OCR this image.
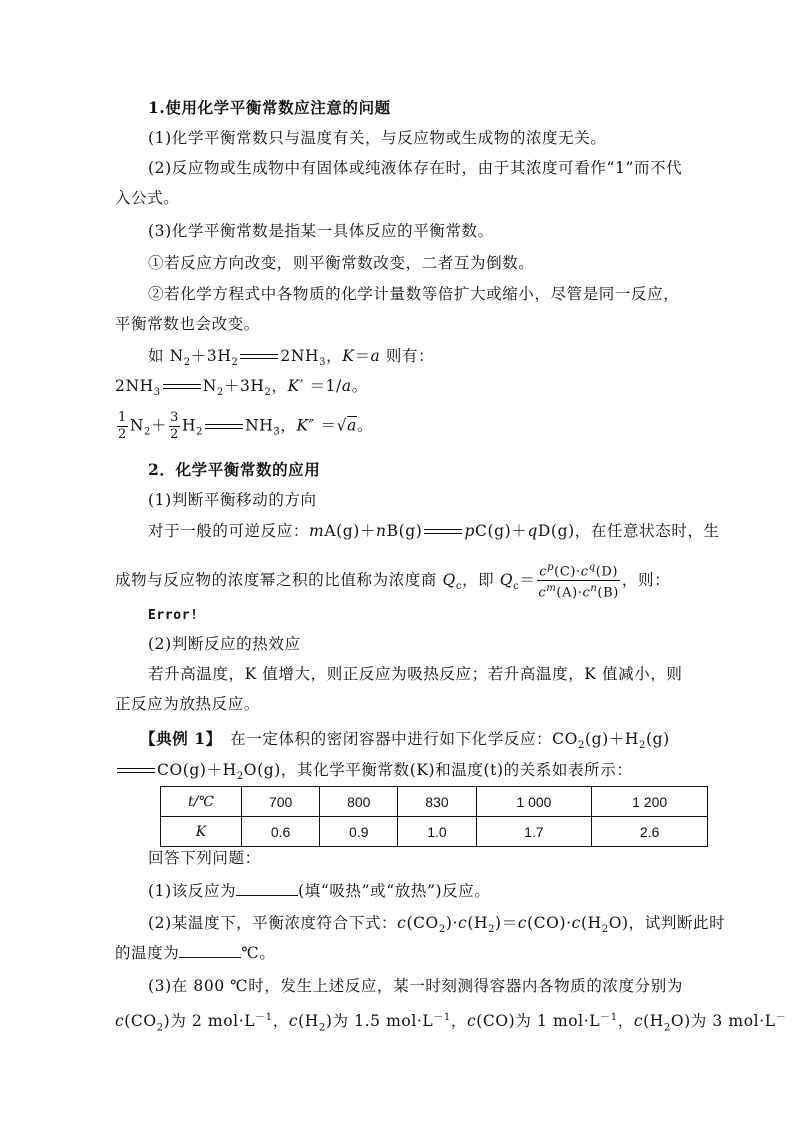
1.使用化学平衡常数应注意的问题
(1)化学平衡常数只与温度有关，与反应物或生成物的浓度无关。
(2)反应物或生成物中有固体或纯液体存在时，由于其浓度可看作“1”而不代
入公式。
(3)化学平衡常数是指某一具体反应的平衡常数。
①若反应方向改变，则平衡常数改变，二者互为倒数。
②若化学方程式中各物质的化学计量数等倍扩大或缩小，尽管是同一反应，
平衡常数也会改变。
如 $N_2+3H_2$	$2NH_3$，K＝a 则有：
$2NH_3$	$N_2+3H_2$，K′ ＝1/a。
$\frac{1}{2} N_2+ \frac{3}{2} H_2$	$NH_3$，K″ ＝√a。
2．化学平衡常数的应用
(1)判断平衡移动的方向
对于一般的可逆反应：mA(g)＋nB(g)	pC(g)＋qD(g)，在任意状态时，生
成物与反应物的浓度幂之积的比值称为浓度商 $Q_c$，即 $Q_c= \frac{c^p(C)\cdot c^q(D)}{c^m(A)\cdot c^n(B)}$ ，则：
Error!
(2)判断反应的热效应
若升高温度，K 值增大，则正反应为吸热反应；若升高温度，K 值减小，则
正反应为放热反应。
【典例 1】　 在一定体积的密闭容器中进行如下化学反应：$CO_2(g)+H_2(g)$
$CO(g)+H_2O(g)$，其化学平衡常数(K)和温度(t)的关系如表所示：
t/℃	700	800	830	1 000	1 200
K	0.6	0.9	1.0	1.7	2.6
回答下列问题：
(1)该反应为	(填“吸热”或“放热”)反应。
(2)某温度下，平衡浓度符合下式：$c(CO_2)\cdot c(H_2)=c(CO)\cdot c(H_2O)$，试判断此时
的温度为	℃。
(3)在 800 ℃时，发生上述反应，某一时刻测得容器内各物质的浓度分别为
$c(CO_2)$为 2 $mol\cdot L^{-1}$，$c(H_2)$为 1.5 $mol\cdot L^{-1}$，c(CO)为 1 $mol\cdot L^{-1}$，$c(H_2O)$为 3 mol·L－
